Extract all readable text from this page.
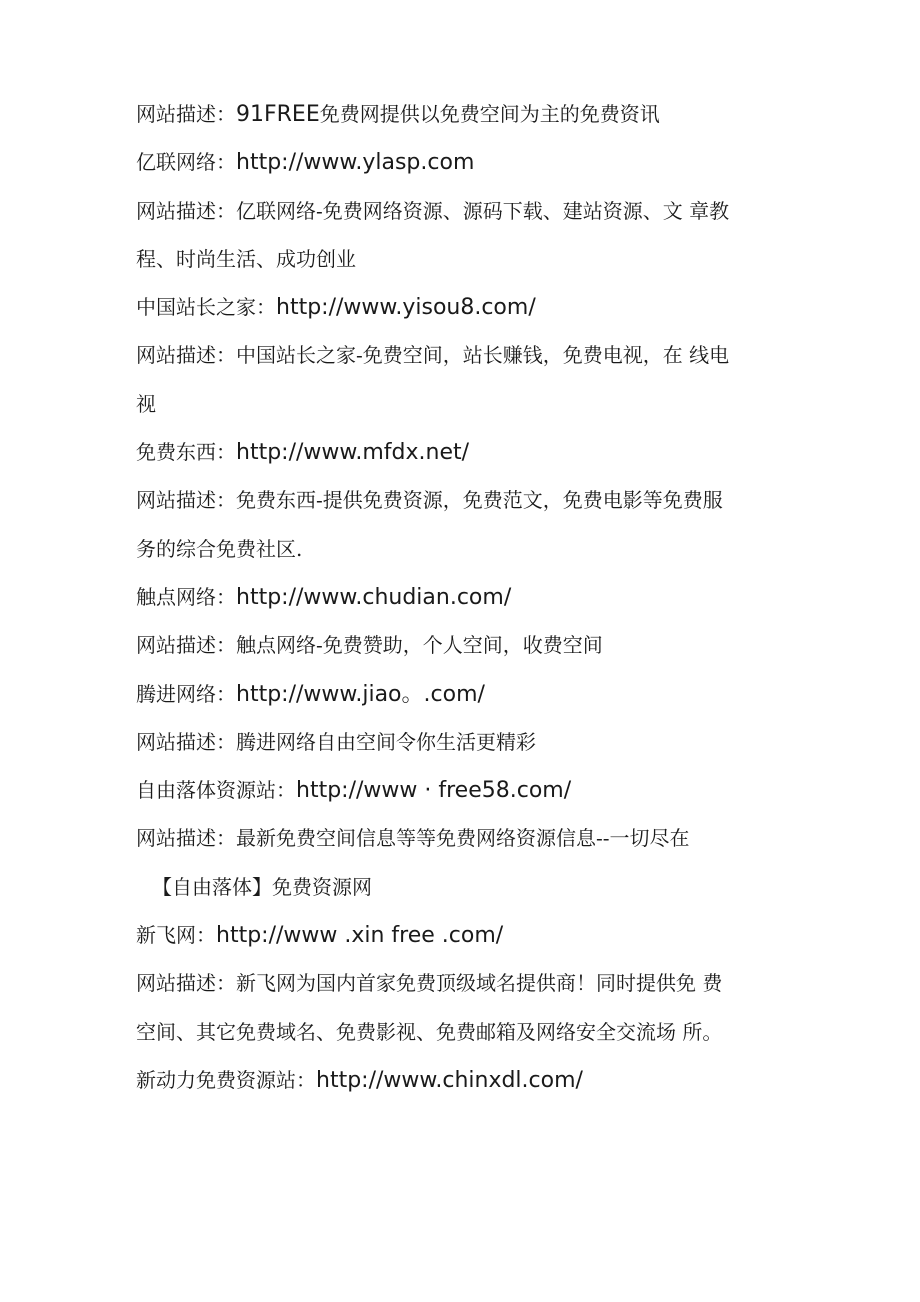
网站描述：91FREE免费网提供以免费空间为主的免费资讯
亿联网络：http://www.ylasp.com
网站描述：亿联网络-免费网络资源、源码下载、建站资源、文 章教
程、时尚生活、成功创业
中国站长之家：http://www.yisou8.com/
网站描述：中国站长之家-免费空间，站长赚钱，免费电视，在 线电
视
免费东西：http://www.mfdx.net/
网站描述：免费东西-提供免费资源，免费范文，免费电影等免费服
务的综合免费社区.
触点网络：http://www.chudian.com/
网站描述：触点网络-免费赞助，个人空间，收费空间
腾进网络：http://www.jiao。.com/
网站描述：腾进网络自由空间令你生活更精彩
自由落体资源站：http://www · free58.com/
网站描述：最新免费空间信息等等免费网络资源信息--一切尽在
【自由落体】免费资源网
新飞网：http://www .xin free .com/
网站描述：新飞网为国内首家免费顶级域名提供商！同时提供免 费
空间、其它免费域名、免费影视、免费邮箱及网络安全交流场 所。
新动力免费资源站：http://www.chinxdl.com/
